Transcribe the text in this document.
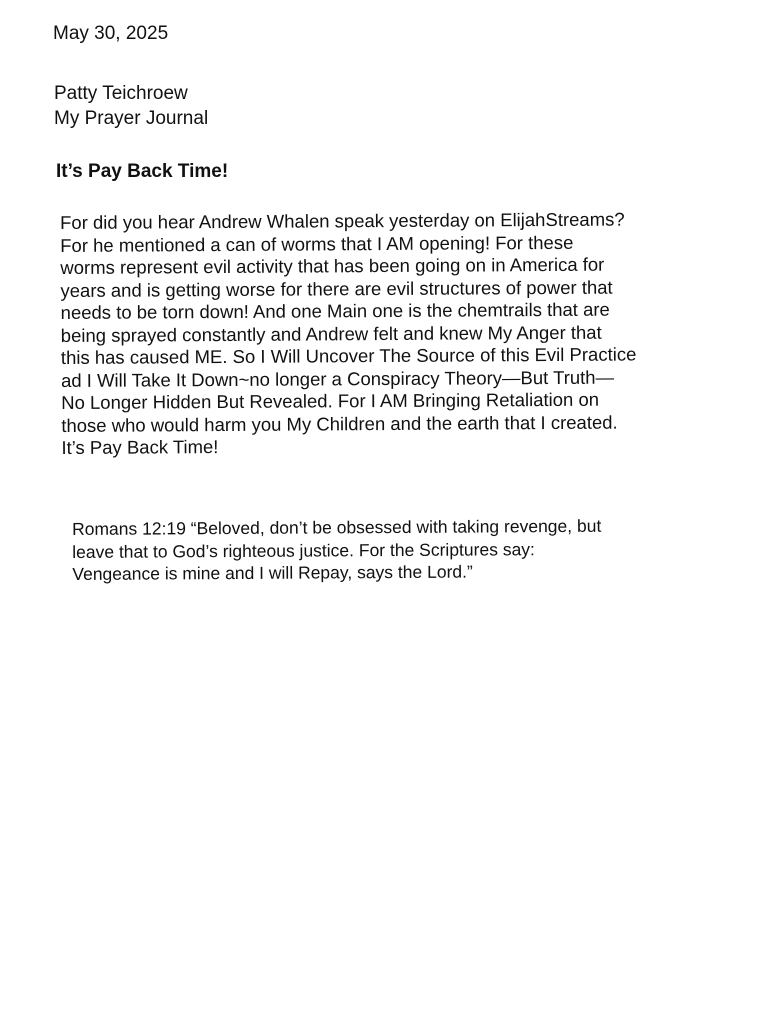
May 30, 2025
Patty Teichroew
My Prayer Journal
It’s Pay Back Time!
For did you hear Andrew Whalen speak yesterday on ElijahStreams?
For he mentioned a can of worms that I AM opening! For these
worms represent evil activity that has been going on in America for
years and is getting worse for there are evil structures of power that
needs to be torn down! And one Main one is the chemtrails that are
being sprayed constantly and Andrew felt and knew My Anger that
this has caused ME. So I Will Uncover The Source of this Evil Practice
ad I Will Take It Down~no longer a Conspiracy Theory—But Truth—
No Longer Hidden But Revealed. For I AM Bringing Retaliation on
those who would harm you My Children and the earth that I created.
It’s Pay Back Time!
Romans 12:19 “Beloved, don’t be obsessed with taking revenge, but
leave that to God’s righteous justice. For the Scriptures say:
Vengeance is mine and I will Repay, says the Lord.”
